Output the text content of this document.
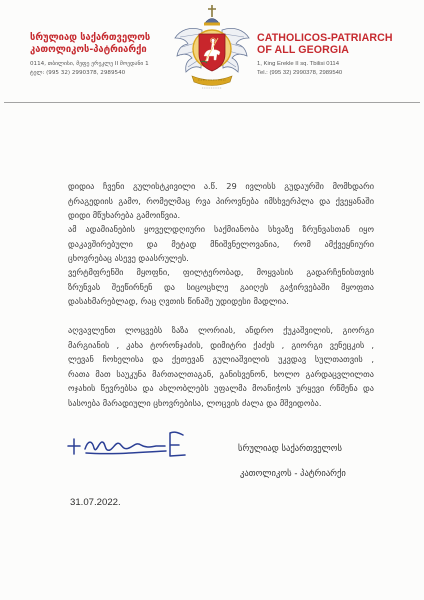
სრულიად საქართველოს
კათოლიკოს-პატრიარქი
0114, თბილისი, მეფე ერეკლე II მოედანი 1
ტელ: (995 32) 2990378, 2989540
CATHOLICOS-PATRIARCH
OF ALL GEORGIA
1, King Erekle II sq. Tbilisi 0114
Tel.: (995 32) 2990378, 2989540
დიდია ჩვენი გულისტკივილი ა.წ. 29 ივლისს გუდაურში მომხდარი
ტრაგედიის გამო, რომელმაც რვა პიროვნება იმსხვერპლა და ქვეყანაში
დიდი მწუხარება გამოიწვია.
ამ ადამიანების ყოველდღიური საქმიანობა სხვაზე ზრუნვასთან იყო
დაკავშირებული და მეტად მნიშვნელოვანია, რომ ამქვეყნიური
ცხოვრებაც ასევე დაასრულეს.
ვერტმფრენში მყოფნი, ფილტერობად, მოყვასის გადარჩენისთვის
ზრუნვას შეეწირნენ და სიცოცხლე გაიღეს გაჭირვებაში მყოფთა
დასახმარებლად, რაც ღვთის წინაშე უდიდესი მადლია.
აღვავლენთ ლოცვებს ზაზა ლორიას, ანდრო ქუკაშვილის, გიორგი
მარგიანის , კახა ტორონჯაძის, დიმიტრი ქაძეს , გიორგი ვენეცკის ,
ლევან ჩოხელისა და ქეთევან გულიაშვილის უკვდავ სულთათვის ,
რათა მათ საუკუნა მართალთაგან, განისვენონ, ხოლო გარდაცვლილთა
ოჯახის წევრებსა და ახლობლებს უფალმა მოანიჭოს ურყევი რწმენა და
სასოება მარადიული ცხოვრებისა, ლოცვის ძალა და მშვიდობა.
სრულიად საქართველოს
კათოლიკოს - პატრიარქი
31.07.2022.
